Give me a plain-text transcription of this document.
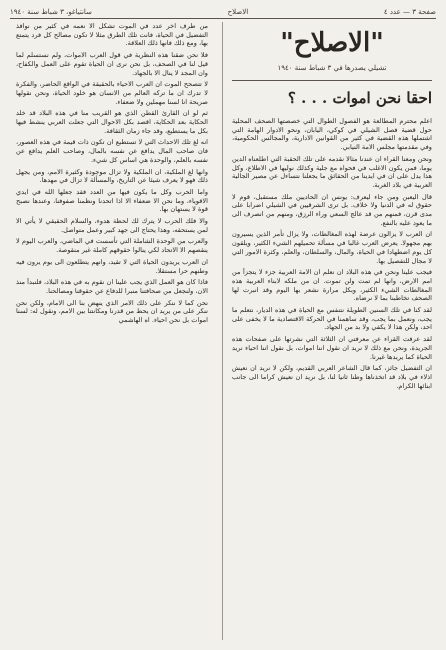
صفحة ٣ — عدد ٤
الاصلاح
سانتياغو، ٣ شباط سنة ١٩٤٠
"الاصلاح"
تشيلي يصدرها في ٣ شباط سنة ١٩٤٠
احقا نحن اموات . . . ؟

اعلم محترم المطالعة هو الفصول الطوال التي خصصتها الصحف المحلية حول قضية فصل الشيلي في كوكي، اليابان، ونحو الادوار الهامة التي اشتملها هذه القضية في كثير من القوانين الادارية، والمجالس الحكومية، وفي مقدمتها مجلس الامة النيابي.

ونحن ومعنا القراء ان عندنا مثالا نقدمه على تلك الحقبة التي اطلعناه الدين يوما، فمن يكون الاغلب في فحواه مع جلية وكذلك نوليها في الاطلاع، وكل هذا يدل على ان في ايدينا من الحقائق ما يجعلنا نتساءل عن مصير الجالية العربية في بلاد الغربة.

قال اليعبن ومن جاء ليعرف: يونس ان الحاديين ملك مستقبل، قوم لا حقوق له في الدنيا ولا خلاف. بل ترى الشرقيين في الشيلي اضرابا على مدى قرن، فمنهم من قد عالج السعي وراء الرزق، ومنهم من انصرف الى ما يعود عليه بالنفع.

ان العرب لا يزالون عرضة لهذه المغالطات، ولا يزال تأمر الذين يسيرون بهم مجهولا. يعرض العرب غالبا في مسألة تحميلهم الشيء الكثير، ويلقون كل يوم اضطهادا في الحياة، والمال، والسلطان، والعلم، وكثرة الامور التي لا مجال للتفصيل بها.

فيجب علينا ونحن في هذه البلاد ان نعلم ان الامة العربية جزء لا يتجزأ من امم الارض، وانها لم تمت ولن تموت. ان من ملكه لابناء العربية هذه المغالطات الشيء الكثير، وبكل مرارة نشعر بها اليوم وقد انبرت لها الصحف تخاطبنا بما لا نرضاه.

لقد كنا في تلك السنين الطويلة نتنفس مع الحياة في هذه الديار، نتعلم ما يجب، ونعمل بما يجب، وقد ساهمنا في الحركة الاقتصادية ما لا يخفى على احد، ولكن هذا لا يكفي ولا بد من الجهاد.

لقد عرفت القراء عن معرفتي ان الثلاثة التي نشرتها على صفحات هذه الجريدة، ونحن مع ذلك لا نريد ان نقول اننا اموات، بل نقول اننا احياء نريد الحياة كما يريدها غيرنا.

ان التفضيل جائز، كما قال الشاعر العربي القديم، ولكن لا نريد ان نعيش اذلاء في بلاد قد اتخذناها وطنا ثانيا لنا، بل نريد ان نعيش كراما الى جانب ابنائها الكرام.

من طرف اخر عدد في الموت تشكل الا نعمه في كثير من نوافذ التفضيل في الحياة، فانت تلك الطرق مثلا لا تكون مصالح كل فرد يتمتع بها، ومع ذلك فانها ذلك العلاقة.

فلا نحن ضقنا هذه النظرية في قول العرب الاموات، ولم نستسلم لما قيل لنا في الصحف، بل نحن نرى ان الحياة تقوم على العمل والكفاح، وان المجد لا ينال الا بالجهاد.

لا تتصحح الموت ان العرب الاحياء بالحقيقة في الواقع الحاضر، والفكرة لا تدرك ان ما تركه العالم من الانسان هو خلود الحياة، ونحن نقولها صريحة انا لسنا مهملين ولا ضعفاء.

ثم لو ان القارئ القطن الذي هو القريب منا في هذه البلاد قد خلد الحكاية بعد الحكاية، اقصد بكل الاحوال التي جعلت العربي ينشط فيها بكل ما يستطيع، وقد جاء زمان الثقافة.

انه لغ تلك الاحداث التي لا تستطيع ان تكون ذات قيمة في هذه العصور، فان صاحب المال يدافع عن نفسه بالمال، وصاحب العلم يدافع عن نفسه بالعلم، والوحدة هي اساس كل شيء.

وانها لغ الملكية، ان الملكية ولا تزال موجودة وكثيرة الامم، ومن يجهل ذلك فهو لا يعرف شيئا عن التاريخ، والمسألة لا تزال في مهدها.

واما الحرب وكل ما يكون فيها من العدد فقد جعلها الله في ايدي الاقوياء، وما نحن الا ضعفاء الا اذا اتحدنا ونظمنا صفوفنا، وعندها نصبح قوة لا يستهان بها.

والا فلك الحرب لا يترك لك لحظة هدوء، والسلام الحقيقي لا يأتي الا لمن يستحقه، وهذا يحتاج الى جهد كبير وعمل متواصل.

والعرب من الوحدة الشاملة التي تأسست في الماضي، والعرب اليوم لا ينقصهم الا الاتحاد لكي ينالوا حقوقهم كاملة غير منقوصة.

ان العرب يريدون الحياة التي لا تقيد، وانهم يتطلعون الى يوم يرون فيه وطنهم حرا مستقلا.

فاذا كان هو العمل الذي يجب علينا ان نقوم به في هذه البلاد، فلنبدأ منذ الان، ولنجعل من صحافتنا منبرا للدفاع عن حقوقنا ومصالحنا.

نحن كما لا ننكر على ذلك الامر الذي ينهض بنا الى الامام، ولكن نحن ننكر على من يريد ان يحط من قدرنا ومكانتنا بين الامم، ونقول له: لسنا اموات بل نحن احياء. اه الهاشمي
